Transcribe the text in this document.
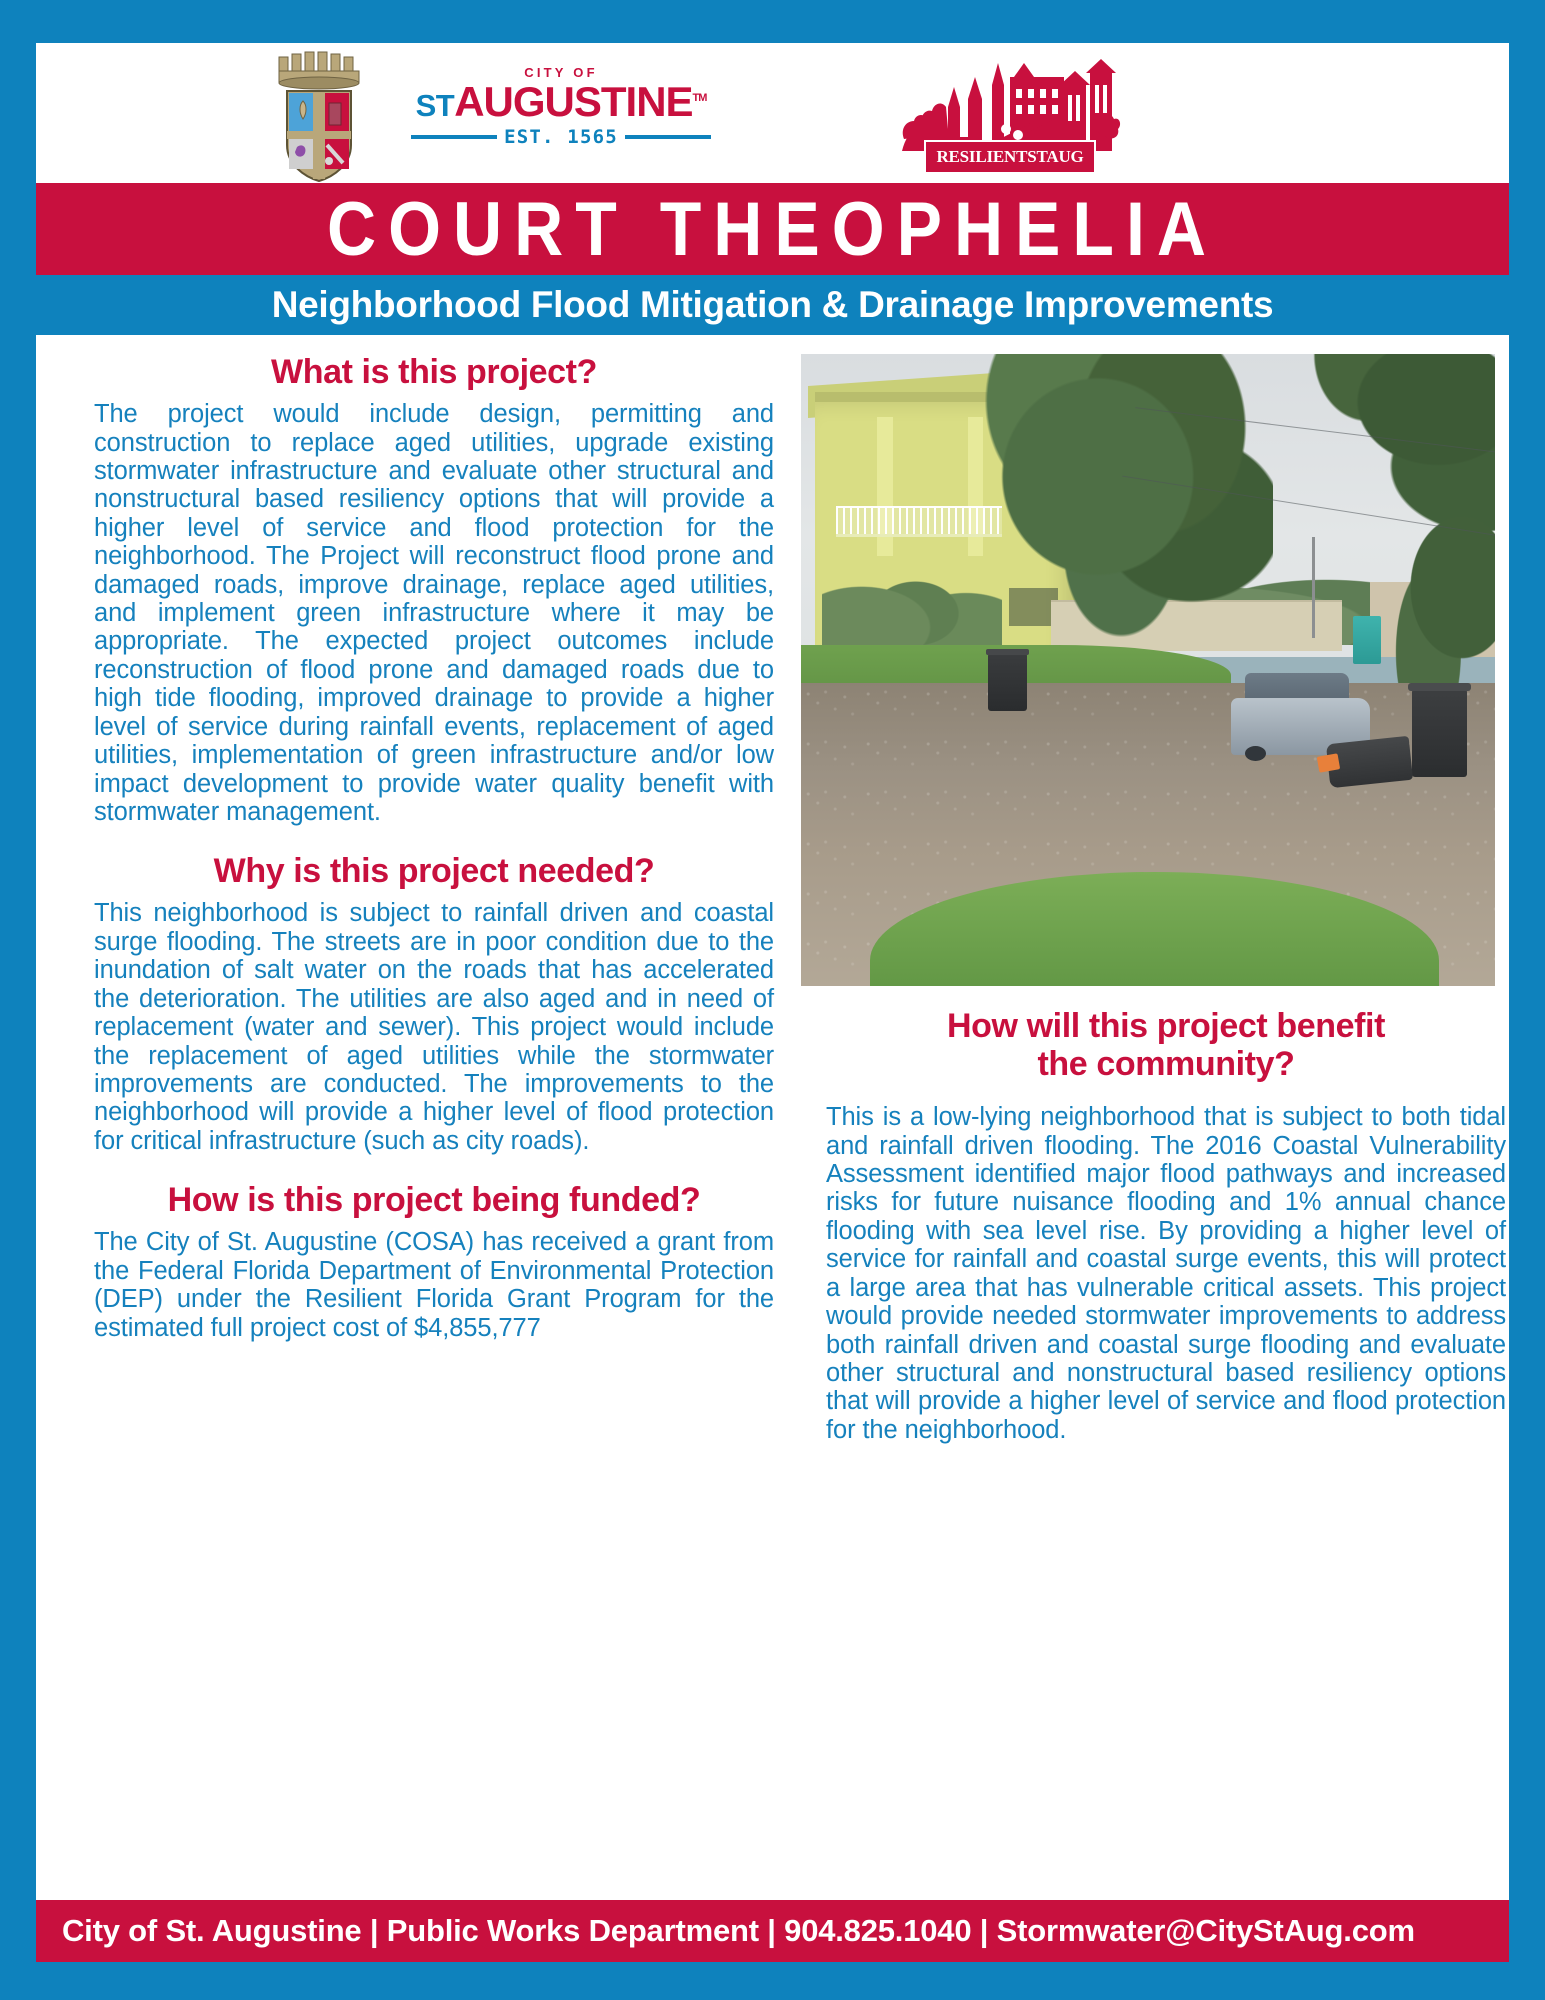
CITY OF
STAUGUSTINE™
EST. 1565
RESILIENTSTAUG
COURT THEOPHELIA
Neighborhood Flood Mitigation & Drainage Improvements
What is this project?

The project would include design, permitting and construction to replace aged utilities, upgrade existing stormwater infrastructure and evaluate other structural and nonstructural based resiliency options that will provide a higher level of service and flood protection for the neighborhood. The Project will reconstruct flood prone and damaged roads, improve drainage, replace aged utilities, and implement green infrastructure where it may be appropriate. The expected project outcomes include reconstruction of flood prone and damaged roads due to high tide flooding, improved drainage to provide a higher level of service during rainfall events, replacement of aged utilities, implementation of green infrastructure and/or low impact development to provide water quality benefit with stormwater management.

Why is this project needed?

This neighborhood is subject to rainfall driven and coastal surge flooding. The streets are in poor condition due to the inundation of salt water on the roads that has accelerated the deterioration. The utilities are also aged and in need of replacement (water and sewer). This project would include the replacement of aged utilities while the stormwater improvements are conducted. The improvements to the neighborhood will provide a higher level of flood protection for critical infrastructure (such as city roads).

How is this project being funded?

The City of St. Augustine (COSA) has received a grant from the Federal Florida Department of Environmental Protection (DEP) under the Resilient Florida Grant Program for the estimated full project cost of $4,855,777

How will this project benefit
the community?

This is a low-lying neighborhood that is subject to both tidal and rainfall driven flooding. The 2016 Coastal Vulnerability Assessment identified major flood pathways and increased risks for future nuisance flooding and 1% annual chance flooding with sea level rise. By providing a higher level of service for rainfall and coastal surge events, this will protect a large area that has vulnerable critical assets. This project would provide needed stormwater improvements to address both rainfall driven and coastal surge flooding and evaluate other structural and nonstructural based resiliency options that will provide a higher level of service and flood protection for the neighborhood.

City of St. Augustine | Public Works Department | 904.825.1040 | Stormwater@CityStAug.com
